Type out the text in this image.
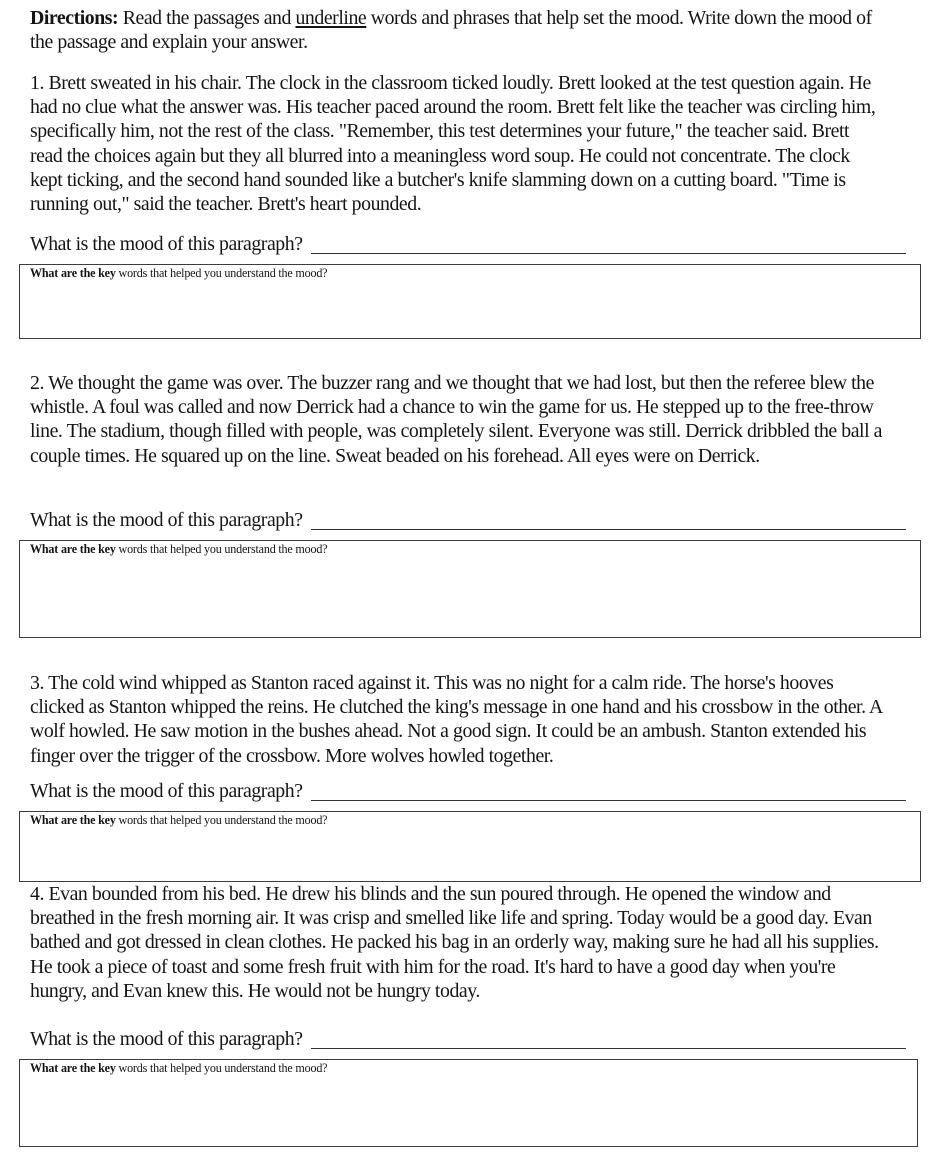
Directions: Read the passages and underline words and phrases that help set the mood. Write down the mood of the passage and explain your answer.
1. Brett sweated in his chair. The clock in the classroom ticked loudly. Brett looked at the test question again. He had no clue what the answer was. His teacher paced around the room. Brett felt like the teacher was circling him, specifically him, not the rest of the class. "Remember, this test determines your future," the teacher said. Brett read the choices again but they all blurred into a meaningless word soup. He could not concentrate. The clock kept ticking, and the second hand sounded like a butcher's knife slamming down on a cutting board. "Time is running out," said the teacher. Brett's heart pounded.
What is the mood of this paragraph?
What are the key words that helped you understand the mood?
2. We thought the game was over. The buzzer rang and we thought that we had lost, but then the referee blew the whistle. A foul was called and now Derrick had a chance to win the game for us. He stepped up to the free-throw line. The stadium, though filled with people, was completely silent. Everyone was still. Derrick dribbled the ball a couple times. He squared up on the line. Sweat beaded on his forehead. All eyes were on Derrick.
What is the mood of this paragraph?
What are the key words that helped you understand the mood?
3. The cold wind whipped as Stanton raced against it. This was no night for a calm ride. The horse's hooves clicked as Stanton whipped the reins. He clutched the king's message in one hand and his crossbow in the other. A wolf howled. He saw motion in the bushes ahead. Not a good sign. It could be an ambush. Stanton extended his finger over the trigger of the crossbow. More wolves howled together.
What is the mood of this paragraph?
What are the key words that helped you understand the mood?
4. Evan bounded from his bed. He drew his blinds and the sun poured through. He opened the window and breathed in the fresh morning air. It was crisp and smelled like life and spring. Today would be a good day. Evan bathed and got dressed in clean clothes. He packed his bag in an orderly way, making sure he had all his supplies. He took a piece of toast and some fresh fruit with him for the road. It's hard to have a good day when you're hungry, and Evan knew this. He would not be hungry today.
What is the mood of this paragraph?
What are the key words that helped you understand the mood?
